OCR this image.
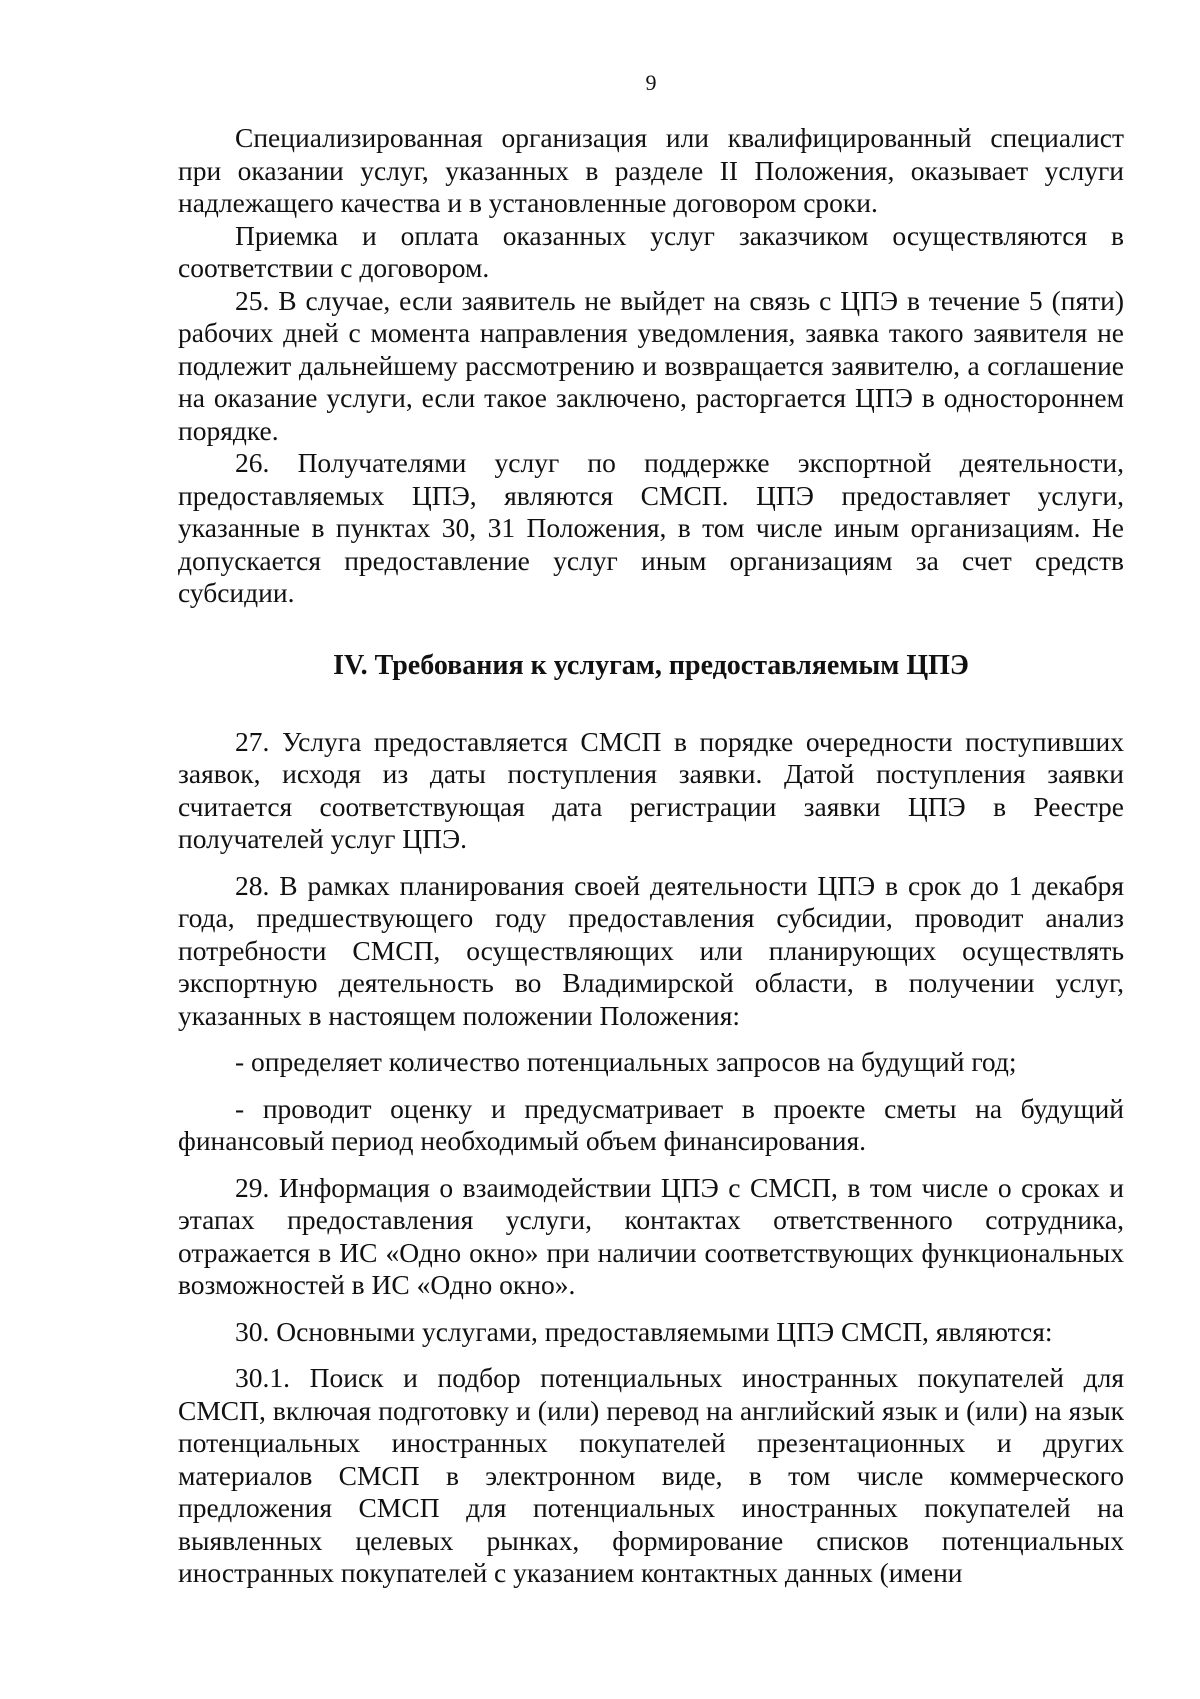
9

Специализированная организация или квалифицированный специалист при оказании услуг, указанных в разделе II Положения, оказывает услуги надлежащего качества и в установленные договором сроки.

Приемка и оплата оказанных услуг заказчиком осуществляются в соответствии с договором.

25. В случае, если заявитель не выйдет на связь с ЦПЭ в течение 5 (пяти) рабочих дней с момента направления уведомления, заявка такого заявителя не подлежит дальнейшему рассмотрению и возвращается заявителю, а соглашение на оказание услуги, если такое заключено, расторгается ЦПЭ в одностороннем порядке.

26. Получателями услуг по поддержке экспортной деятельности, предоставляемых ЦПЭ, являются СМСП. ЦПЭ предоставляет услуги, указанные в пунктах 30, 31 Положения, в том числе иным организациям. Не допускается предоставление услуг иным организациям за счет средств субсидии.

IV. Требования к услугам, предоставляемым ЦПЭ

27. Услуга предоставляется СМСП в порядке очередности поступивших заявок, исходя из даты поступления заявки. Датой поступления заявки считается соответствующая дата регистрации заявки ЦПЭ в Реестре получателей услуг ЦПЭ.

28. В рамках планирования своей деятельности ЦПЭ в срок до 1 декабря года, предшествующего году предоставления субсидии, проводит анализ потребности СМСП, осуществляющих или планирующих осуществлять экспортную деятельность во Владимирской области, в получении услуг, указанных в настоящем положении Положения:

- определяет количество потенциальных запросов на будущий год;

- проводит оценку и предусматривает в проекте сметы на будущий финансовый период необходимый объем финансирования.

29. Информация о взаимодействии ЦПЭ с СМСП, в том числе о сроках и этапах предоставления услуги, контактах ответственного сотрудника, отражается в ИС «Одно окно» при наличии соответствующих функциональных возможностей в ИС «Одно окно».

30. Основными услугами, предоставляемыми ЦПЭ СМСП, являются:

30.1. Поиск и подбор потенциальных иностранных покупателей для СМСП, включая подготовку и (или) перевод на английский язык и (или) на язык потенциальных иностранных покупателей презентационных и других материалов СМСП в электронном виде, в том числе коммерческого предложения СМСП для потенциальных иностранных покупателей на выявленных целевых рынках, формирование списков потенциальных иностранных покупателей с указанием контактных данных (имени
